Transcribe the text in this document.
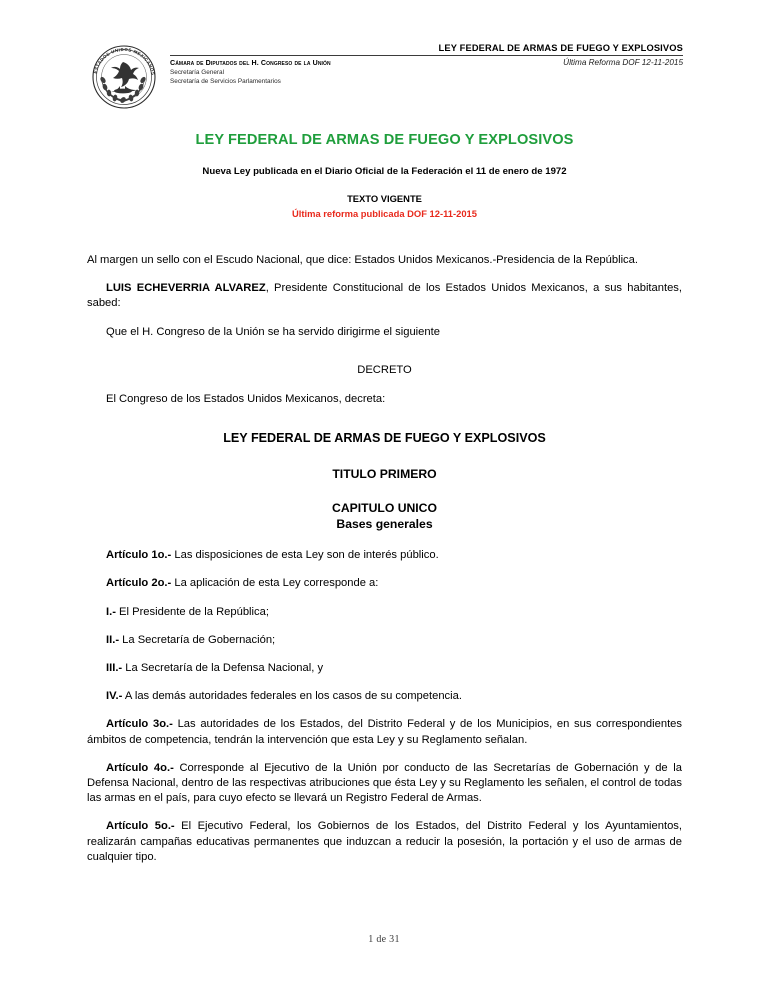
ESTADOS UNIDOS MEXICANOS
LEY FEDERAL DE ARMAS DE FUEGO Y EXPLOSIVOS
Cámara de Diputados del H. Congreso de la Unión
Secretaría General
Secretaría de Servicios Parlamentarios
Última Reforma DOF 12-11-2015
LEY FEDERAL DE ARMAS DE FUEGO Y EXPLOSIVOS
Nueva Ley publicada en el Diario Oficial de la Federación el 11 de enero de 1972
TEXTO VIGENTE
Última reforma publicada DOF 12-11-2015

Al margen un sello con el Escudo Nacional, que dice: Estados Unidos Mexicanos.-Presidencia de la República.

LUIS ECHEVERRIA ALVAREZ, Presidente Constitucional de los Estados Unidos Mexicanos, a sus habitantes, sabed:

Que el H. Congreso de la Unión se ha servido dirigirme el siguiente

DECRETO

El Congreso de los Estados Unidos Mexicanos, decreta:

LEY FEDERAL DE ARMAS DE FUEGO Y EXPLOSIVOS

TITULO PRIMERO

CAPITULO UNICO

Bases generales

Artículo 1o.- Las disposiciones de esta Ley son de interés público.

Artículo 2o.- La aplicación de esta Ley corresponde a:

I.- El Presidente de la República;

II.- La Secretaría de Gobernación;

III.- La Secretaría de la Defensa Nacional, y

IV.- A las demás autoridades federales en los casos de su competencia.

Artículo 3o.- Las autoridades de los Estados, del Distrito Federal y de los Municipios, en sus correspondientes ámbitos de competencia, tendrán la intervención que esta Ley y su Reglamento señalan.

Artículo 4o.- Corresponde al Ejecutivo de la Unión por conducto de las Secretarías de Gobernación y de la Defensa Nacional, dentro de las respectivas atribuciones que ésta Ley y su Reglamento les señalen, el control de todas las armas en el país, para cuyo efecto se llevará un Registro Federal de Armas.

Artículo 5o.- El Ejecutivo Federal, los Gobiernos de los Estados, del Distrito Federal y los Ayuntamientos, realizarán campañas educativas permanentes que induzcan a reducir la posesión, la portación y el uso de armas de cualquier tipo.

1 de 31
